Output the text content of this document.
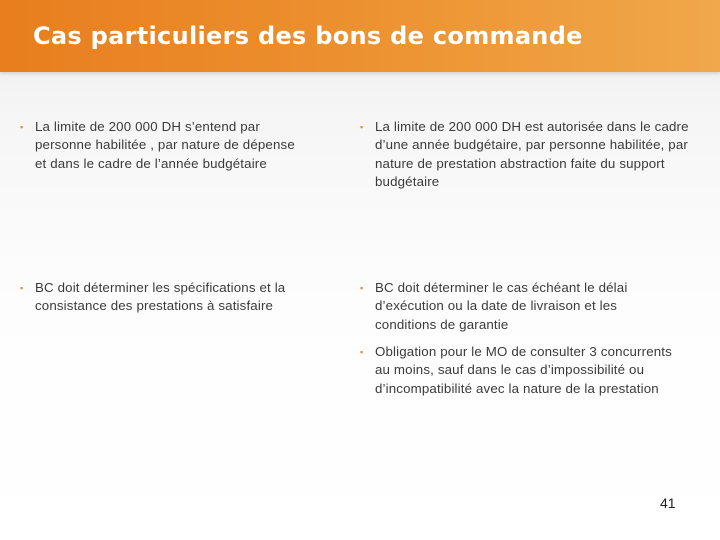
Cas particuliers des bons de commande
▪ La limite de 200 000 DH s’entend par personne habilitée , par nature de dépense et dans le cadre de l’année budgétaire
▪ La limite de 200 000 DH est autorisée dans le cadre d’une année budgétaire, par personne habilitée, par nature de prestation abstraction faite du support budgétaire
▪ BC doit déterminer les spécifications et la consistance des prestations à satisfaire
▪ BC doit déterminer le cas échéant le délai d’exécution ou la date de livraison et les conditions de garantie
▪ Obligation pour le MO de consulter 3 concurrents au moins, sauf dans le cas d’impossibilité ou d’incompatibilité avec la nature de la prestation
41
